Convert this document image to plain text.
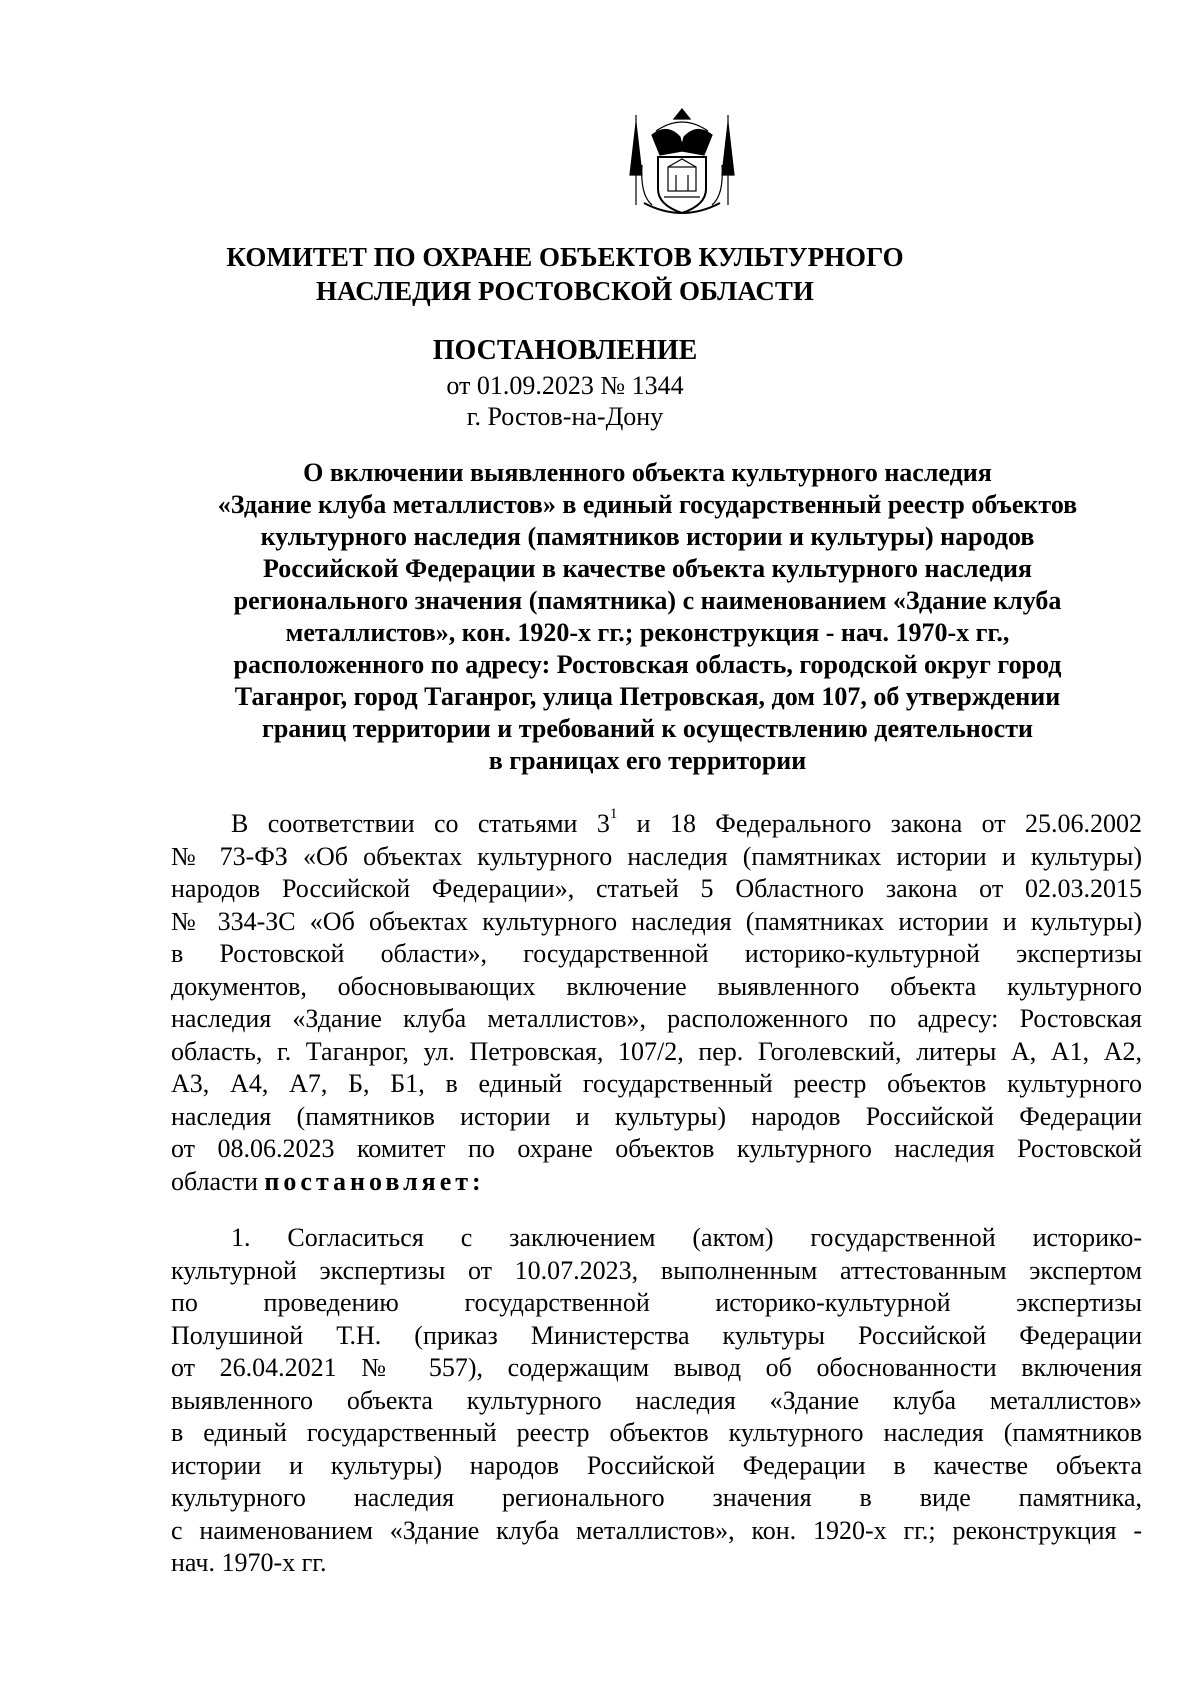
КОМИТЕТ ПО ОХРАНЕ ОБЪЕКТОВ КУЛЬТУРНОГО
НАСЛЕДИЯ РОСТОВСКОЙ ОБЛАСТИ
ПОСТАНОВЛЕНИЕ
от 01.09.2023 № 1344
г. Ростов-на-Дону
О включении выявленного объекта культурного наследия
«Здание клуба металлистов» в единый государственный реестр объектов
культурного наследия (памятников истории и культуры) народов
Российской Федерации в качестве объекта культурного наследия
регионального значения (памятника) с наименованием «Здание клуба
металлистов», кон. 1920-х гг.; реконструкция - нач. 1970-х гг.,
расположенного по адресу: Ростовская область, городской округ город
Таганрог, город Таганрог, улица Петровская, дом 107, об утверждении
границ территории и требований к осуществлению деятельности
в границах его территории
В соответствии со статьями $3^1$ и 18 Федерального закона от 25.06.2002
№ 73-ФЗ «Об объектах культурного наследия (памятниках истории и культуры)
народов Российской Федерации», статьей 5 Областного закона от 02.03.2015
№ 334-ЗС «Об объектах культурного наследия (памятниках истории и культуры)
в Ростовской области», государственной историко-культурной экспертизы
документов, обосновывающих включение выявленного объекта культурного
наследия «Здание клуба металлистов», расположенного по адресу: Ростовская
область, г. Таганрог, ул. Петровская, 107/2, пер. Гоголевский, литеры А, А1, А2,
А3, А4, А7, Б, Б1, в единый государственный реестр объектов культурного
наследия (памятников истории и культуры) народов Российской Федерации
от 08.06.2023 комитет по охране объектов культурного наследия Ростовской
области постановляет:
1. Согласиться с заключением (актом) государственной историко-
культурной экспертизы от 10.07.2023, выполненным аттестованным экспертом
по проведению государственной историко-культурной экспертизы
Полушиной Т.Н. (приказ Министерства культуры Российской Федерации
от 26.04.2021 № 557), содержащим вывод об обоснованности включения
выявленного объекта культурного наследия «Здание клуба металлистов»
в единый государственный реестр объектов культурного наследия (памятников
истории и культуры) народов Российской Федерации в качестве объекта
культурного наследия регионального значения в виде памятника,
с наименованием «Здание клуба металлистов», кон. 1920-х гг.; реконструкция -
нач. 1970-х гг.
